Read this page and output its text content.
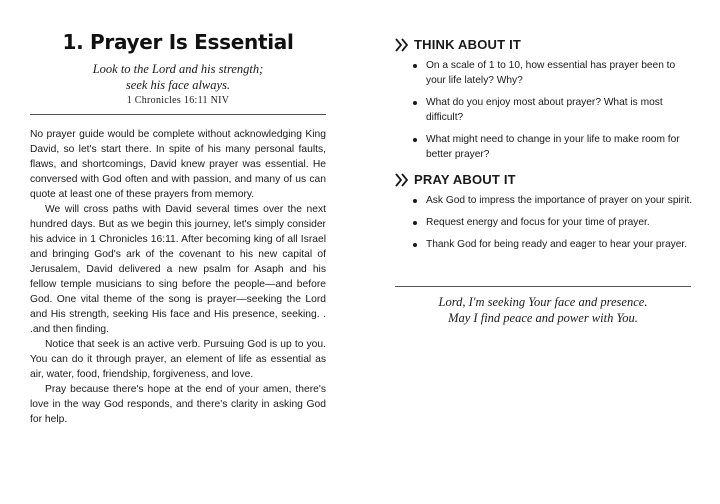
1. Prayer Is Essential
Look to the Lord and his strength;
seek his face always.
1 Chronicles 16:11 NIV

No prayer guide would be complete without acknowledging King David, so let's start there. In spite of his many personal faults, flaws, and shortcomings, David knew prayer was essential. He conversed with God often and with passion, and many of us can quote at least one of these prayers from memory.

We will cross paths with David several times over the next hundred days. But as we begin this journey, let's simply consider his advice in 1 Chronicles 16:11. After becoming king of all Israel and bringing God's ark of the covenant to his new capital of Jerusalem, David delivered a new psalm for Asaph and his fellow temple musicians to sing before the people—and before God. One vital theme of the song is prayer—seeking the Lord and His strength, seeking His face and His presence, seeking. . .and then finding.

Notice that seek is an active verb. Pursuing God is up to you. You can do it through prayer, an element of life as essential as air, water, food, friendship, forgiveness, and love.

Pray because there's hope at the end of your amen, there's love in the way God responds, and there's clarity in asking God for help.

THINK ABOUT IT
On a scale of 1 to 10, how essential has prayer been to your life lately? Why?
What do you enjoy most about prayer? What is most difficult?
What might need to change in your life to make room for better prayer?
PRAY ABOUT IT
Ask God to impress the importance of prayer on your spirit.
Request energy and focus for your time of prayer.
Thank God for being ready and eager to hear your prayer.
Lord, I'm seeking Your face and presence.
May I find peace and power with You.
